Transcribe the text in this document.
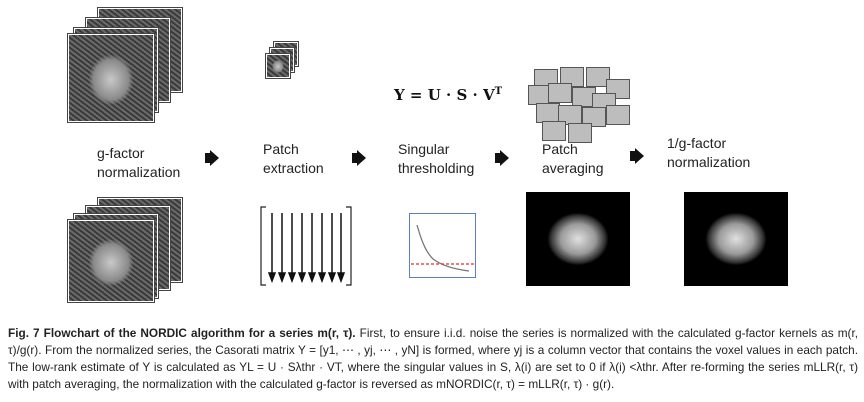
g-factor
normalization
Patch
extraction
$Y = U \cdot S \cdot V^T$
Singular
thresholding
Patch
averaging
1/g-factor
normalization
Fig. 7 Flowchart of the NORDIC algorithm for a series m(r, τ). First, to ensure i.i.d. noise the series is normalized with the calculated g-factor kernels as m(r, τ)/g(r). From the normalized series, the Casorati matrix Y = [y1, ⋯ , yj, ⋯ , yN] is formed, where yj is a column vector that contains the voxel values in each patch. The low-rank estimate of Y is calculated as YL = U · Sλthr · VT, where the singular values in S, λ(i) are set to 0 if λ(i) <λthr. After re-forming the series mLLR(r, τ) with patch averaging, the normalization with the calculated g-factor is reversed as mNORDIC(r, τ) = mLLR(r, τ) · g(r).
